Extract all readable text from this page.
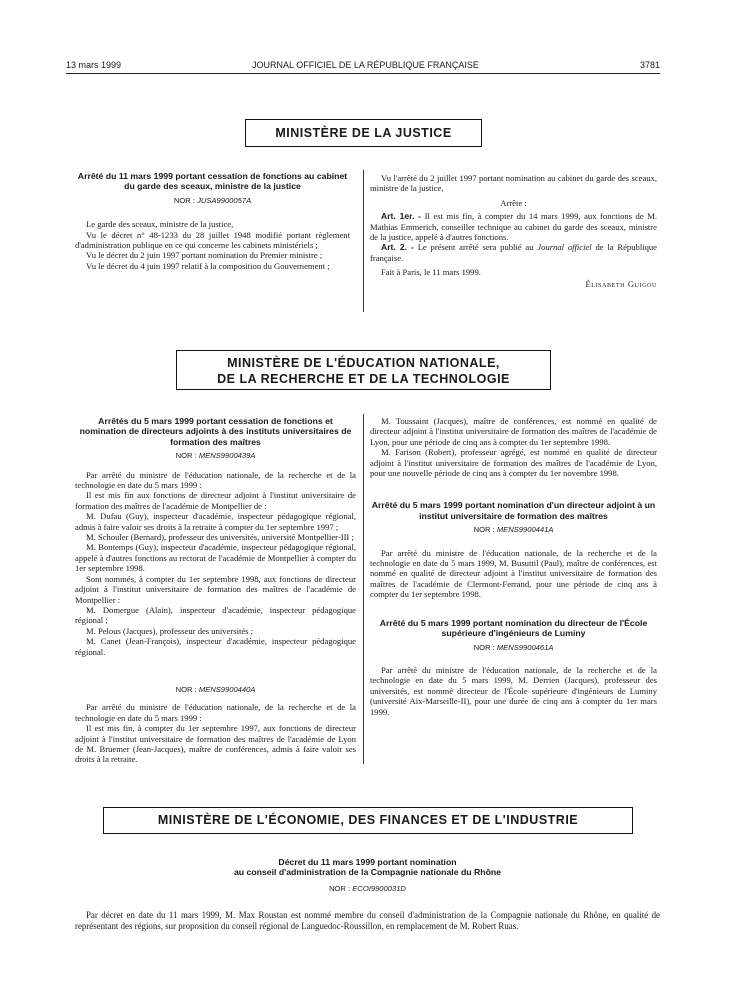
13 mars 1999	JOURNAL OFFICIEL DE LA RÉPUBLIQUE FRANÇAISE	3781
MINISTÈRE DE LA JUSTICE
Arrêté du 11 mars 1999 portant cessation de fonctions au cabinet du garde des sceaux, ministre de la justice
NOR : JUSA9900057A

Le garde des sceaux, ministre de la justice,

Vu le décret n° 48-1233 du 28 juillet 1948 modifié portant règlement d'administration publique en ce qui concerne les cabinets ministériels ;

Vu le décret du 2 juin 1997 portant nomination du Premier ministre ;

Vu le décret du 4 juin 1997 relatif à la composition du Gouvernement ;

Vu l'arrêté du 2 juillet 1997 portant nomination au cabinet du garde des sceaux, ministre de la justice,

Arrête :

Art. 1er. - Il est mis fin, à compter du 14 mars 1999, aux fonctions de M. Mathias Emmerich, conseiller technique au cabinet du garde des sceaux, ministre de la justice, appelé à d'autres fonctions.

Art. 2. - Le présent arrêté sera publié au Journal officiel de la République française.

Fait à Paris, le 11 mars 1999.

Élisabeth Guigou
MINISTÈRE DE L'ÉDUCATION NATIONALE,
DE LA RECHERCHE ET DE LA TECHNOLOGIE
Arrêtés du 5 mars 1999 portant cessation de fonctions et nomination de directeurs adjoints à des instituts universitaires de formation des maîtres
NOR : MENS9900439A

Par arrêté du ministre de l'éducation nationale, de la recherche et de la technologie en date du 5 mars 1999 :

Il est mis fin aux fonctions de directeur adjoint à l'institut universitaire de formation des maîtres de l'académie de Montpellier de :

M. Dufau (Guy), inspecteur d'académie, inspecteur pédagogique régional, admis à faire valoir ses droits à la retraite à compter du 1er septembre 1997 ;

M. Schouler (Bernard), professeur des universités, université Montpellier-III ;

M. Bontemps (Guy), inspecteur d'académie, inspecteur pédagogique régional, appelé à d'autres fonctions au rectorat de l'académie de Montpellier à compter du 1er septembre 1998.

Sont nommés, à compter du 1er septembre 1998, aux fonctions de directeur adjoint à l'institut universitaire de formation des maîtres de l'académie de Montpellier :

M. Domergue (Alain), inspecteur d'académie, inspecteur pédagogique régional ;

M. Pelous (Jacques), professeur des universités ;

M. Canet (Jean-François), inspecteur d'académie, inspecteur pédagogique régional.

NOR : MENS9900440A

Par arrêté du ministre de l'éducation nationale, de la recherche et de la technologie en date du 5 mars 1999 :

Il est mis fin, à compter du 1er septembre 1997, aux fonctions de directeur adjoint à l'institut universitaire de formation des maîtres de l'académie de Lyon de M. Bruemer (Jean-Jacques), maître de conférences, admis à faire valoir ses droits à la retraite.

M. Toussaint (Jacques), maître de conférences, est nommé en qualité de directeur adjoint à l'institut universitaire de formation des maîtres de l'académie de Lyon, pour une période de cinq ans à compter du 1er septembre 1998.

M. Farison (Robert), professeur agrégé, est nommé en qualité de directeur adjoint à l'institut universitaire de formation des maîtres de l'académie de Lyon, pour une nouvelle période de cinq ans à compter du 1er novembre 1998.

Arrêté du 5 mars 1999 portant nomination d'un directeur adjoint à un institut universitaire de formation des maîtres
NOR : MENS9900441A

Par arrêté du ministre de l'éducation nationale, de la recherche et de la technologie en date du 5 mars 1999, M. Busuttil (Paul), maître de conférences, est nommé en qualité de directeur adjoint à l'institut universitaire de formation des maîtres de l'académie de Clermont-Ferrand, pour une période de cinq ans à compter du 1er septembre 1998.

Arrêté du 5 mars 1999 portant nomination du directeur de l'École supérieure d'ingénieurs de Luminy
NOR : MENS9900461A

Par arrêté du ministre de l'éducation nationale, de la recherche et de la technologie en date du 5 mars 1999, M. Derrien (Jacques), professeur des universités, est nommé directeur de l'École supérieure d'ingénieurs de Luminy (université Aix-Marseille-II), pour une durée de cinq ans à compter du 1er mars 1999.

MINISTÈRE DE L'ÉCONOMIE, DES FINANCES ET DE L'INDUSTRIE
Décret du 11 mars 1999 portant nomination
au conseil d'administration de la Compagnie nationale du Rhône
NOR : ECOI9900031D

Par décret en date du 11 mars 1999, M. Max Roustan est nommé membre du conseil d'administration de la Compagnie nationale du Rhône, en qualité de représentant des régions, sur proposition du conseil régional de Languedoc-Roussillon, en remplacement de M. Robert Ruas.
